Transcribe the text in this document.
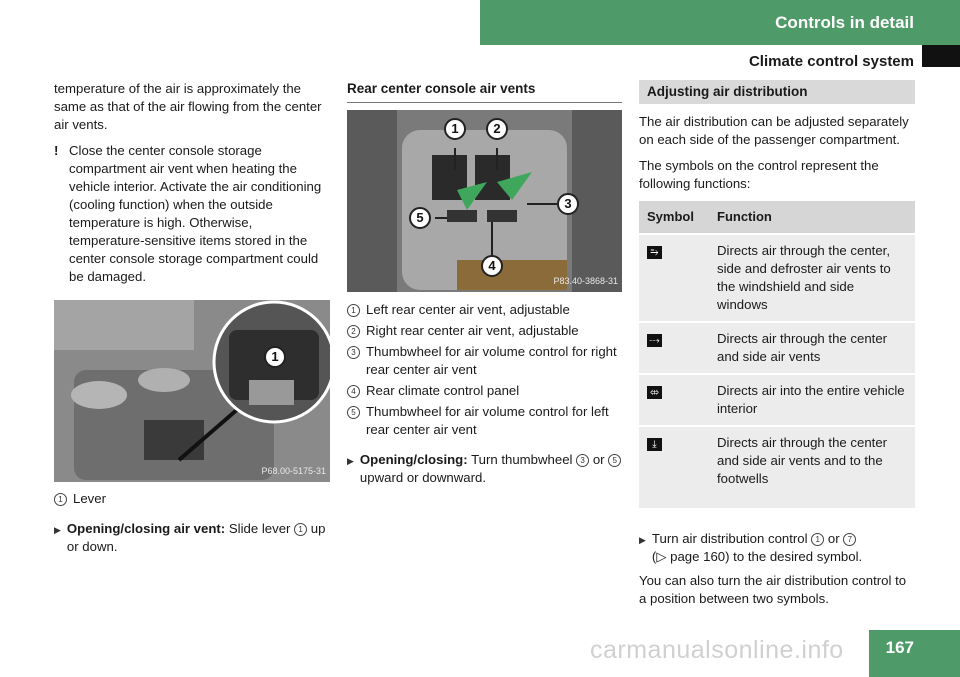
Controls in detail
Climate control system

temperature of the air is approximately the same as that of the air flowing from the center air vents.

! Close the center console storage compartment air vent when heating the vehicle interior. Activate the air conditioning (cooling function) when the outside temperature is high. Otherwise, temperature-sensitive items stored in the center console storage compartment could be damaged.
1
P68.00-5175-31
1 Lever
▶ Opening/closing air vent: Slide lever 1 up or down.
Rear center console air vents
1	2
3
4
5
P83.40-3868-31
1 Left rear center air vent, adjustable
2 Right rear center air vent, adjustable
3 Thumbwheel for air volume control for right rear center air vent
4 Rear climate control panel
5 Thumbwheel for air volume control for left rear center air vent
▶ Opening/closing: Turn thumbwheel 3 or 5 upward or downward.
Adjusting air distribution

The air distribution can be adjusted separately on each side of the passenger compartment.

The symbols on the control represent the following functions:

Symbol	Function
⥱	Directs air through the center, side and defroster air vents to the windshield and side windows
⤏	Directs air through the center and side air vents
⤄	Directs air into the entire vehicle interior
⤓	Directs air through the center and side air vents and to the footwells
▶ Turn air distribution control 1 or 7
(▷ page 160) to the desired symbol.

You can also turn the air distribution control to a position between two symbols.

carmanualsonline.info	167
